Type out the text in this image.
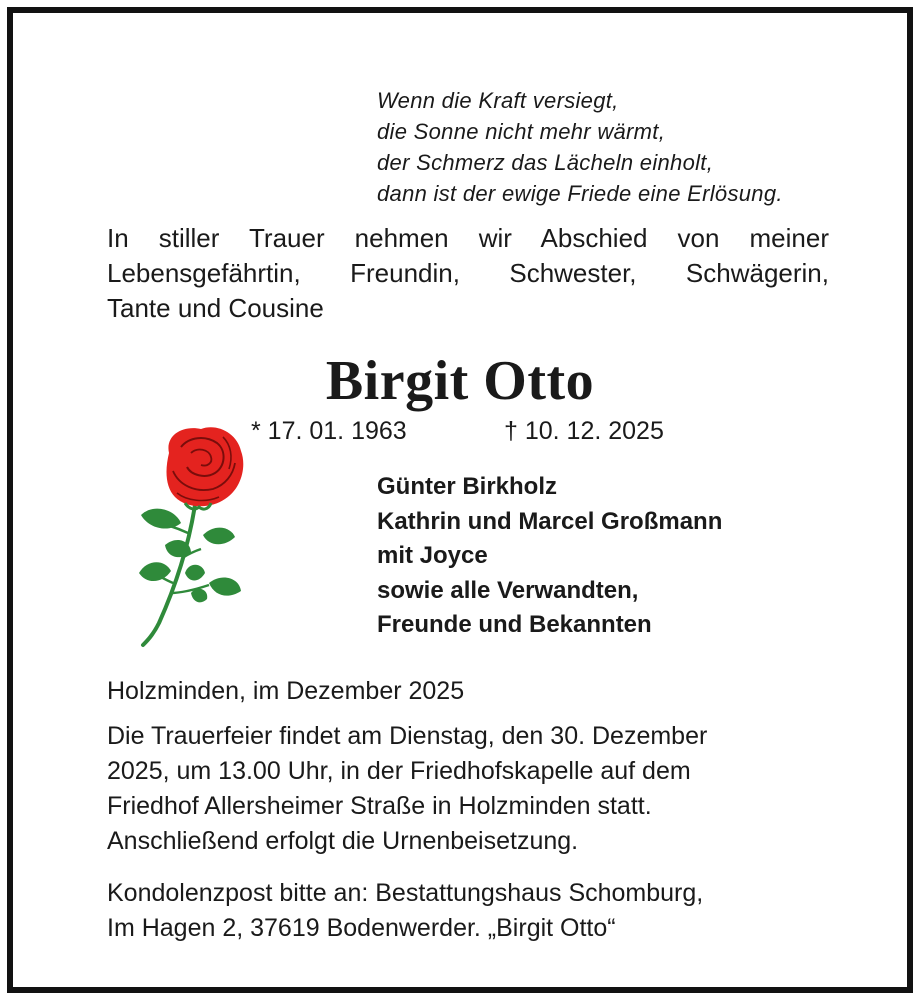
Wenn die Kraft versiegt,
die Sonne nicht mehr wärmt,
der Schmerz das Lächeln einholt,
dann ist der ewige Friede eine Erlösung.
In stiller Trauer nehmen wir Abschied von meiner
Lebensgefährtin, Freundin, Schwester, Schwägerin,
Tante und Cousine
Birgit Otto
* 17. 01. 1963	† 10. 12. 2025
Günter Birkholz
Kathrin und Marcel Großmann
mit Joyce
sowie alle Verwandten,
Freunde und Bekannten
Holzminden, im Dezember 2025
Die Trauerfeier findet am Dienstag, den 30. Dezember
2025, um 13.00 Uhr, in der Friedhofskapelle auf dem
Friedhof Allersheimer Straße in Holzminden statt.
Anschließend erfolgt die Urnenbeisetzung.
Kondolenzpost bitte an: Bestattungshaus Schomburg,
Im Hagen 2, 37619 Bodenwerder. „Birgit Otto“
